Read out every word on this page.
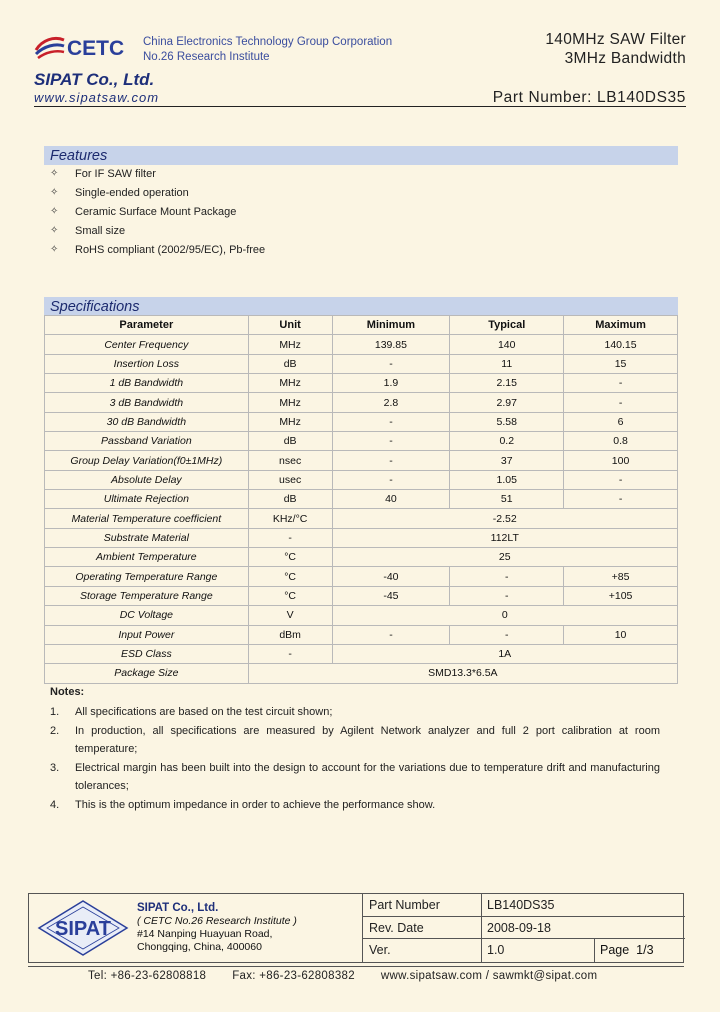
CETC China Electronics Technology Group Corporation
No.26 Research Institute
140MHz SAW Filter
3MHz Bandwidth
SIPAT Co., Ltd.
www.sipatsaw.com	Part Number: LB140DS35
Features
✧	For IF SAW filter
✧	Single-ended operation
✧	Ceramic Surface Mount Package
✧	Small size
✧	RoHS compliant (2002/95/EC), Pb-free
Specifications
Parameter	Unit	Minimum	Typical	Maximum
Center Frequency	MHz	139.85	140	140.15
Insertion Loss	dB	-	11	15
1 dB Bandwidth	MHz	1.9	2.15	-
3 dB Bandwidth	MHz	2.8	2.97	-
30 dB Bandwidth	MHz	-	5.58	6
Passband Variation	dB	-	0.2	0.8
Group Delay Variation(f0±1MHz)	nsec	-	37	100
Absolute Delay	usec	-	1.05	-
Ultimate Rejection	dB	40	51	-
Material Temperature coefficient	KHz/°C	-2.52		
Substrate Material	-	112LT		
Ambient Temperature	°C	25		
Operating Temperature Range	°C	-40	-	+85
Storage Temperature Range	°C	-45	-	+105
DC Voltage	V	0		
Input Power	dBm	-	-	10
ESD Class	-	1A		
Package Size	SMD13.3*6.5A			
Notes:
1.	All specifications are based on the test circuit shown;
2.	In production, all specifications are measured by Agilent Network analyzer and full 2 port calibration at room temperature;
3.	Electrical margin has been built into the design to account for the variations due to temperature drift and manufacturing tolerances;
4.	This is the optimum impedance in order to achieve the performance show.
SIPAT
SIPAT Co., Ltd.
( CETC No.26 Research Institute )
#14 Nanping Huayuan Road,
Chongqing, China, 400060
Part Number	LB140DS35
Rev. Date	2008-09-18
Ver.	1.0	Page 1/3
Tel: +86-23-62808818 Fax: +86-23-62808382 www.sipatsaw.com / sawmkt@sipat.com
